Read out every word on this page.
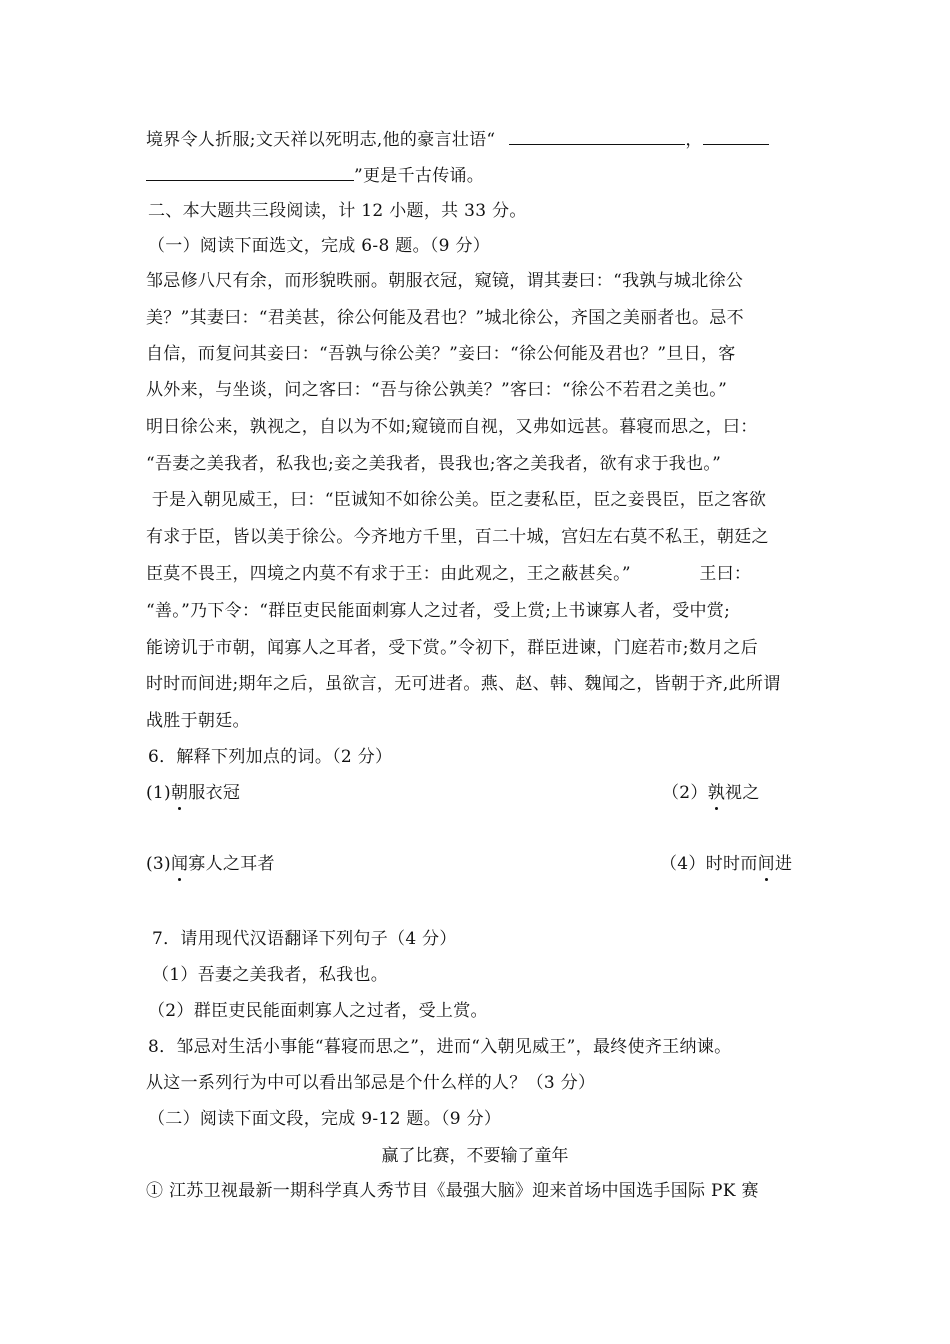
境界令人折服;文天祥以死明志,他的豪言壮语“	，
”更是千古传诵。
二、本大题共三段阅读，计 12 小题，共 33 分。
（一）阅读下面选文，完成 6-8 题。（9 分）
邹忌修八尺有余，而形貌昳丽。朝服衣冠，窥镜，谓其妻曰：“我孰与城北徐公
美？”其妻曰：“君美甚，徐公何能及君也？”城北徐公，齐国之美丽者也。忌不
自信，而复问其妾曰：“吾孰与徐公美？”妾曰：“徐公何能及君也？”旦日，客
从外来，与坐谈，问之客曰：“吾与徐公孰美？”客曰：“徐公不若君之美也。”
明日徐公来，孰视之，自以为不如;窥镜而自视，又弗如远甚。暮寝而思之，曰：
“吾妻之美我者，私我也;妾之美我者，畏我也;客之美我者，欲有求于我也。”
于是入朝见威王，曰：“臣诚知不如徐公美。臣之妻私臣，臣之妾畏臣，臣之客欲
有求于臣，皆以美于徐公。今齐地方千里，百二十城，宫妇左右莫不私王，朝廷之
臣莫不畏王，四境之内莫不有求于王：由此观之，王之蔽甚矣。”            王曰：
“善。”乃下令：“群臣吏民能面刺寡人之过者，受上赏;上书谏寡人者，受中赏;
能谤讥于市朝，闻寡人之耳者，受下赏。”令初下，群臣进谏，门庭若市;数月之后
时时而间进;期年之后，虽欲言，无可进者。燕、赵、韩、魏闻之，皆朝于齐,此所谓
战胜于朝廷。
6．解释下列加点的词。（2 分）
(1)朝服衣冠	（2）孰视之
(3)闻寡人之耳者	（4）时时而间进
7．请用现代汉语翻译下列句子（4 分）
（1）吾妻之美我者，私我也。
（2）群臣吏民能面刺寡人之过者，受上赏。
8．邹忌对生活小事能“暮寝而思之”，进而“入朝见威王”，最终使齐王纳谏。
从这一系列行为中可以看出邹忌是个什么样的人？（3 分）
（二）阅读下面文段，完成 9-12 题。（9 分）
赢了比赛，不要输了童年
① 江苏卫视最新一期科学真人秀节目《最强大脑》迎来首场中国选手国际 PK 赛
